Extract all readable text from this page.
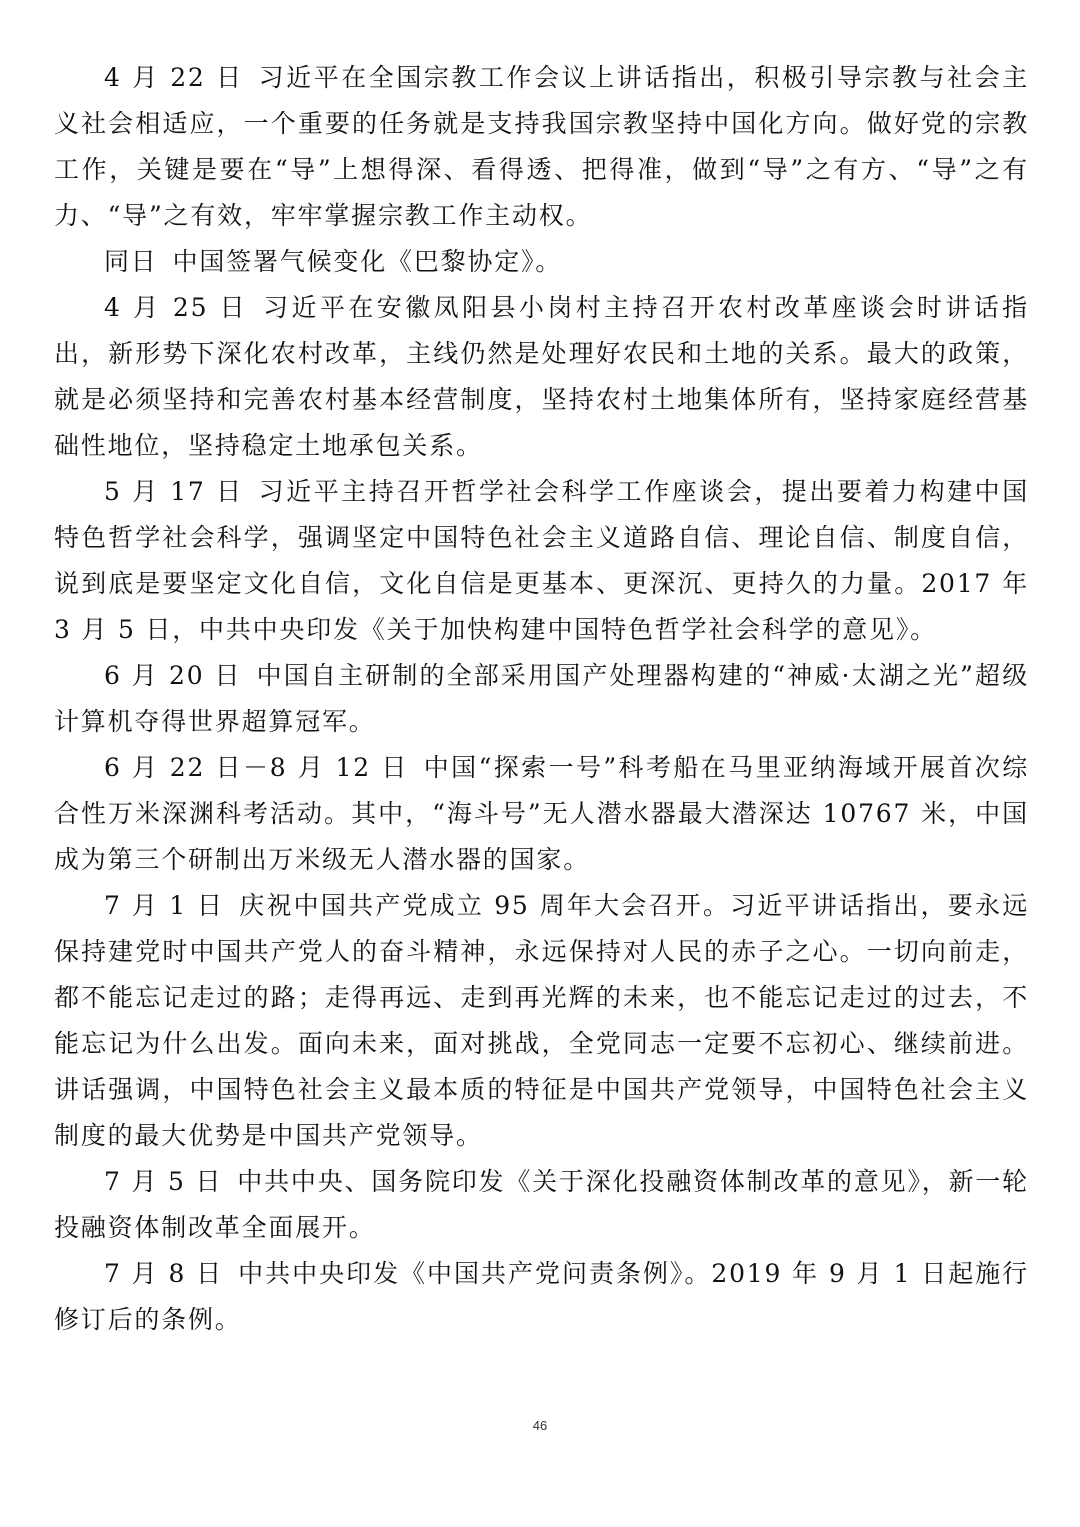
4 月 22 日 习近平在全国宗教工作会议上讲话指出，积极引导宗教与社会主义社会相适应，一个重要的任务就是支持我国宗教坚持中国化方向。做好党的宗教工作，关键是要在“导”上想得深、看得透、把得准，做到“导”之有方、“导”之有力、“导”之有效，牢牢掌握宗教工作主动权。

同日 中国签署气候变化《巴黎协定》。

4 月 25 日 习近平在安徽凤阳县小岗村主持召开农村改革座谈会时讲话指出，新形势下深化农村改革，主线仍然是处理好农民和土地的关系。最大的政策，就是必须坚持和完善农村基本经营制度，坚持农村土地集体所有，坚持家庭经营基础性地位，坚持稳定土地承包关系。

5 月 17 日 习近平主持召开哲学社会科学工作座谈会，提出要着力构建中国特色哲学社会科学，强调坚定中国特色社会主义道路自信、理论自信、制度自信，说到底是要坚定文化自信，文化自信是更基本、更深沉、更持久的力量。2017 年 3 月 5 日，中共中央印发《关于加快构建中国特色哲学社会科学的意见》。

6 月 20 日 中国自主研制的全部采用国产处理器构建的“神威·太湖之光”超级计算机夺得世界超算冠军。

6 月 22 日－8 月 12 日 中国“探索一号”科考船在马里亚纳海域开展首次综合性万米深渊科考活动。其中，“海斗号”无人潜水器最大潜深达 10767 米，中国成为第三个研制出万米级无人潜水器的国家。

7 月 1 日 庆祝中国共产党成立 95 周年大会召开。习近平讲话指出，要永远保持建党时中国共产党人的奋斗精神，永远保持对人民的赤子之心。一切向前走，都不能忘记走过的路；走得再远、走到再光辉的未来，也不能忘记走过的过去，不能忘记为什么出发。面向未来，面对挑战，全党同志一定要不忘初心、继续前进。讲话强调，中国特色社会主义最本质的特征是中国共产党领导，中国特色社会主义制度的最大优势是中国共产党领导。

7 月 5 日 中共中央、国务院印发《关于深化投融资体制改革的意见》，新一轮投融资体制改革全面展开。

7 月 8 日 中共中央印发《中国共产党问责条例》。2019 年 9 月 1 日起施行修订后的条例。

46
